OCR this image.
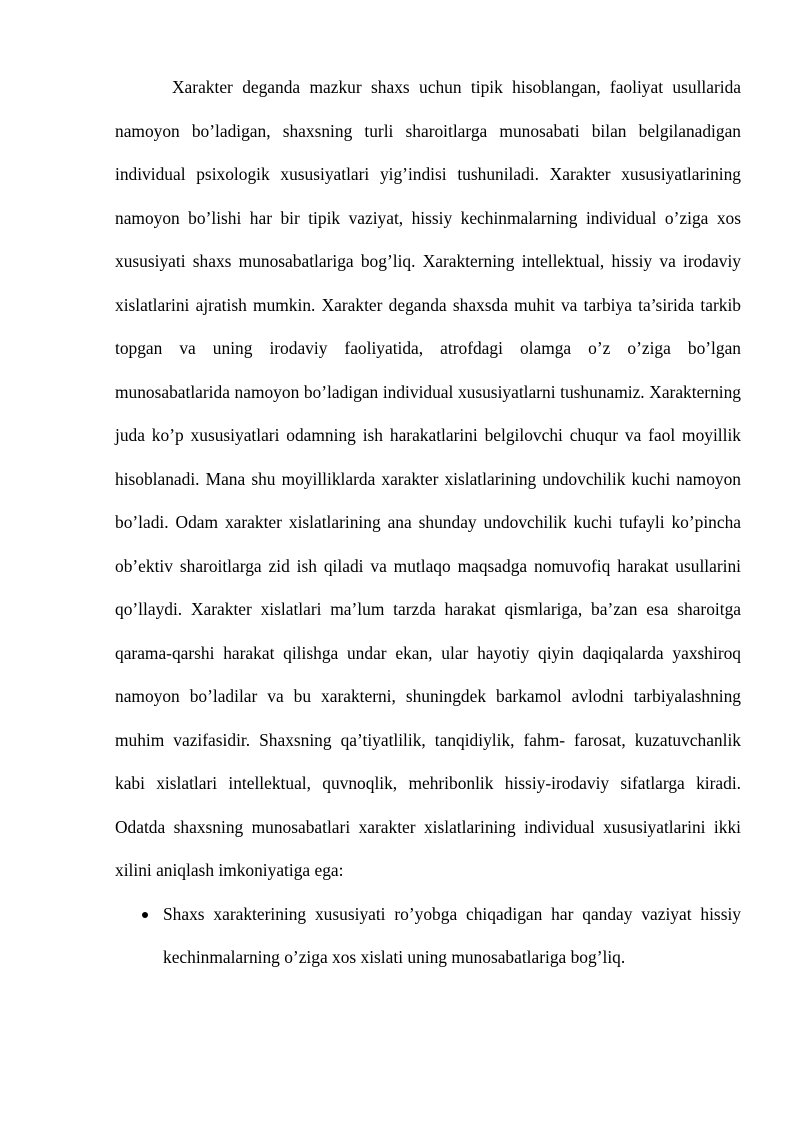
Xarakter deganda mazkur shaxs uchun tipik hisoblangan, faoliyat usullarida namoyon bo’ladigan, shaxsning turli sharoitlarga munosabati bilan belgilanadigan individual psixologik xususiyatlari yig’indisi tushuniladi. Xarakter xususiyatlarining namoyon bo’lishi har bir tipik vaziyat, hissiy kechinmalarning individual o’ziga xos xususiyati shaxs munosabatlariga bog’liq. Xarakterning intellektual, hissiy va irodaviy xislatlarini ajratish mumkin. Xarakter deganda shaxsda muhit va tarbiya ta’sirida tarkib topgan va uning irodaviy faoliyatida, atrofdagi olamga o’z o’ziga bo’lgan munosabatlarida namoyon bo’ladigan individual xususiyatlarni tushunamiz. Xarakterning juda ko’p xususiyatlari odamning ish harakatlarini belgilovchi chuqur va faol moyillik hisoblanadi. Mana shu moyilliklarda xarakter xislatlarining undovchilik kuchi namoyon bo’ladi. Odam xarakter xislatlarining ana shunday undovchilik kuchi tufayli ko’pincha ob’ektiv sharoitlarga zid ish qiladi va mutlaqo maqsadga nomuvofiq harakat usullarini qo’llaydi. Xarakter xislatlari ma’lum tarzda harakat qismlariga, ba’zan esa sharoitga qarama-qarshi harakat qilishga undar ekan, ular hayotiy qiyin daqiqalarda yaxshiroq namoyon bo’ladilar va bu xarakterni, shuningdek barkamol avlodni tarbiyalashning muhim vazifasidir. Shaxsning qa’tiyatlilik, tanqidiylik, fahm- farosat, kuzatuvchanlik kabi xislatlari intellektual, quvnoqlik, mehribonlik hissiy-irodaviy sifatlarga kiradi. Odatda shaxsning munosabatlari xarakter xislatlarining individual xususiyatlarini ikki xilini aniqlash imkoniyatiga ega:

Shaxs xarakterining xususiyati ro’yobga chiqadigan har qanday vaziyat hissiy kechinmalarning o’ziga xos xislati uning munosabatlariga bog’liq.
